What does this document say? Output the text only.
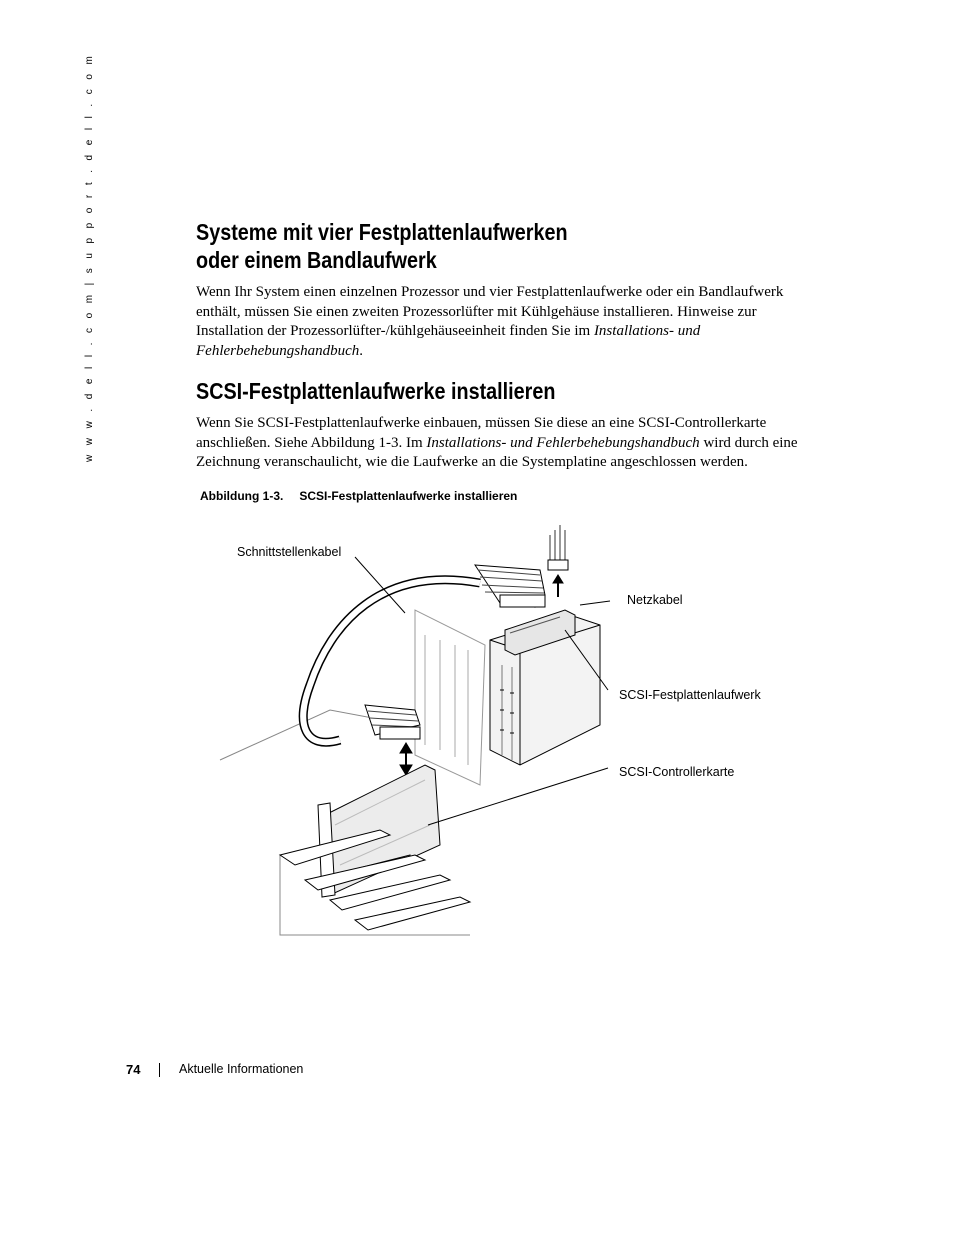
w w w . d e l l . c o m | s u p p o r t . d e l l . c o m	Systeme mit vier Festplattenlaufwerken
oder einem Bandlaufwerk
Wenn Ihr System einen einzelnen Prozessor und vier Festplattenlaufwerke oder ein Bandlaufwerk enthält, müssen Sie einen zweiten Prozessorlüfter mit Kühlgehäuse installieren. Hinweise zur Installation der Prozessorlüfter-/kühlgehäuseeinheit finden Sie im Installations- und Fehlerbehebungshandbuch.
SCSI-Festplattenlaufwerke installieren
Wenn Sie SCSI-Festplattenlaufwerke einbauen, müssen Sie diese an eine SCSI-Controllerkarte anschließen. Siehe Abbildung 1-3. Im Installations- und Fehlerbehebungshandbuch wird durch eine Zeichnung veranschaulicht, wie die Laufwerke an die Systemplatine angeschlossen werden.
Abbildung 1-3. SCSI-Festplattenlaufwerke installieren
Schnittstellenkabel
Netzkabel
SCSI-Festplattenlaufwerk
SCSI-Controllerkarte
74	Aktuelle Informationen
